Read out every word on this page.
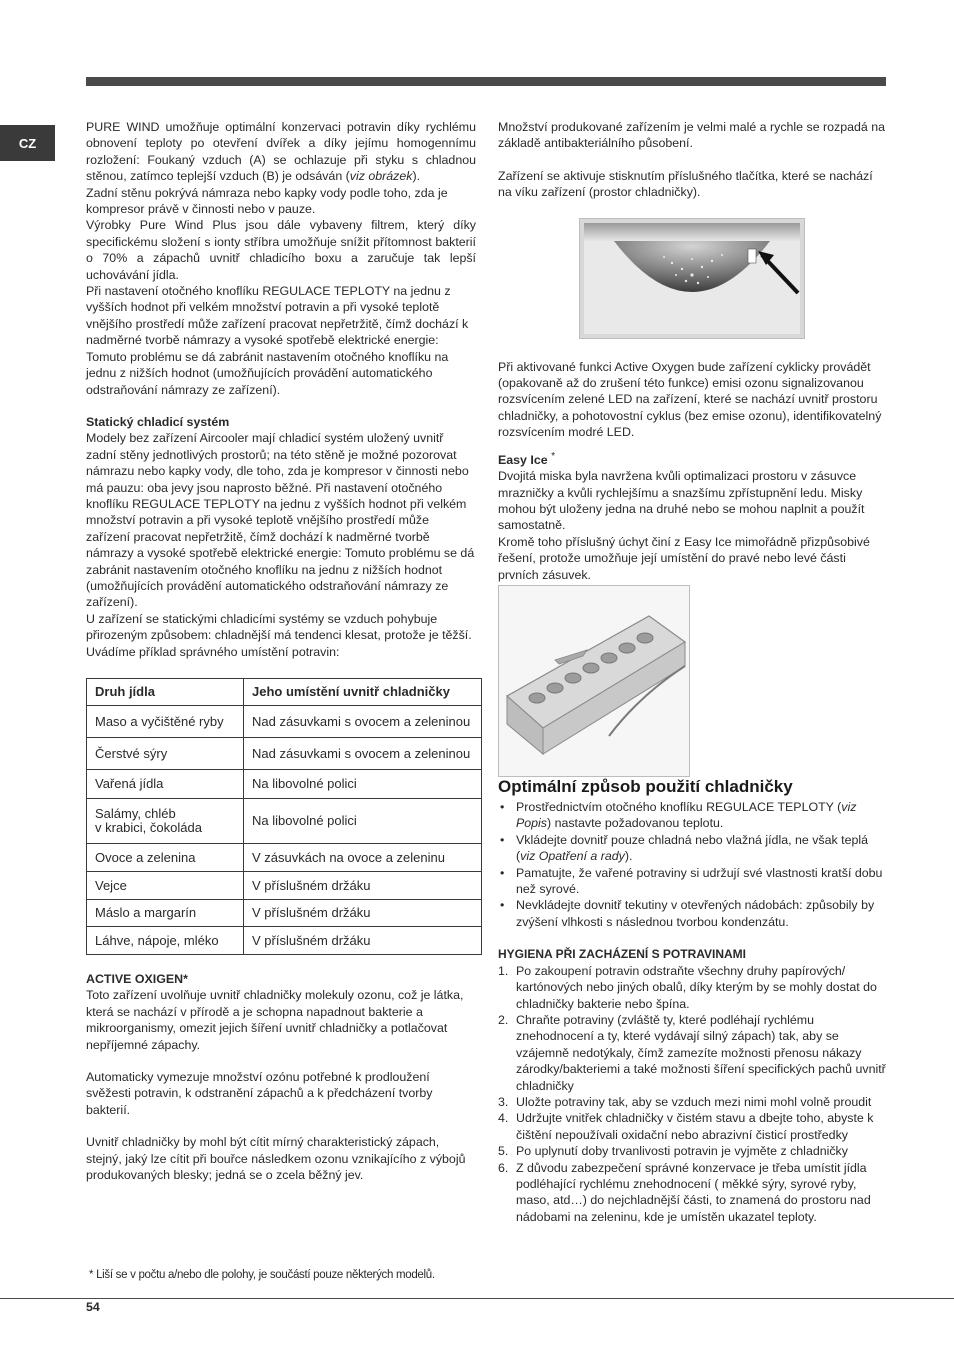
CZ

PURE WIND umožňuje optimální konzervaci potravin díky rychlému obnovení teploty po otevření dvířek a díky jejímu homogennímu rozložení: Foukaný vzduch (A) se ochlazuje při styku s chladnou stěnou, zatímco teplejší vzduch (B) je odsáván (viz obrázek).

Zadní stěnu pokrývá námraza nebo kapky vody podle toho, zda je kompresor právě v činnosti nebo v pauze.

Výrobky Pure Wind Plus jsou dále vybaveny filtrem, který díky specifickému složení s ionty stříbra umožňuje snížit přítomnost bakterií o 70% a zápachů uvnitř chladicího boxu a zaručuje tak lepší uchovávání jídla.

Při nastavení otočného knoflíku REGULACE TEPLOTY na jednu z vyšších hodnot při velkém množství potravin a při vysoké teplotě vnějšího prostředí může zařízení pracovat nepřetržitě, čímž dochází k nadměrné tvorbě námrazy a vysoké spotřebě elektrické energie: Tomuto problému se dá zabránit nastavením otočného knoflíku na jednu z nižších hodnot (umožňujících provádění automatického odstraňování námrazy ze zařízení).

Statický chladicí systém

Modely bez zařízení Aircooler mají chladicí systém uložený uvnitř zadní stěny jednotlivých prostorů; na této stěně je možné pozorovat námrazu nebo kapky vody, dle toho, zda je kompresor v činnosti nebo má pauzu: oba jevy jsou naprosto běžné. Při nastavení otočného knoflíku REGULACE TEPLOTY na jednu z vyšších hodnot při velkém množství potravin a při vysoké teplotě vnějšího prostředí může zařízení pracovat nepřetržitě, čímž dochází k nadměrné tvorbě námrazy a vysoké spotřebě elektrické energie: Tomuto problému se dá zabránit nastavením otočného knoflíku na jednu z nižších hodnot (umožňujících provádění automatického odstraňování námrazy ze zařízení).

U zařízení se statickými chladicími systémy se vzduch pohybuje přirozeným způsobem: chladnější má tendenci klesat, protože je těžší. Uvádíme příklad správného umístění potravin:

Druh jídla	Jeho umístění uvnitř chladničky
Maso a vyčištěné ryby	Nad zásuvkami s ovocem a zeleninou
Čerstvé sýry	Nad zásuvkami s ovocem a zeleninou
Vařená jídla	Na libovolné polici
Salámy, chléb
v krabici, čokoláda	Na libovolné polici
Ovoce a zelenina	V zásuvkách na ovoce a zeleninu
Vejce	V příslušném držáku
Máslo a margarín	V příslušném držáku
Láhve, nápoje, mléko	V příslušném držáku

ACTIVE OXIGEN*

Toto zařízení uvolňuje uvnitř chladničky molekuly ozonu, což je látka, která se nachází v přírodě a je schopna napadnout bakterie a mikroorganismy, omezit jejich šíření uvnitř chladničky a potlačovat nepříjemné zápachy.

Automaticky vymezuje množství ozónu potřebné k prodloužení svěžesti potravin, k odstranění zápachů a k předcházení tvorby bakterií.

Uvnitř chladničky by mohl být cítit mírný charakteristický zápach, stejný, jaký lze cítit při bouřce následkem ozonu vznikajícího z výbojů produkovaných blesky; jedná se o zcela běžný jev.

Množství produkované zařízením je velmi malé a rychle se rozpadá na základě antibakteriálního působení.

Zařízení se aktivuje stisknutím příslušného tlačítka, které se nachází na víku zařízení (prostor chladničky).

Při aktivované funkci Active Oxygen bude zařízení cyklicky provádět (opakovaně až do zrušení této funkce) emisi ozonu signalizovanou rozsvícením zelené LED na zařízení, které se nachází uvnitř prostoru chladničky, a pohotovostní cyklus (bez emise ozonu), identifikovatelný rozsvícením modré LED.

Easy Ice *

Dvojitá miska byla navržena kvůli optimalizaci prostoru v zásuvce mrazničky a kvůli rychlejšímu a snazšímu zpřístupnění ledu. Misky mohou být uloženy jedna na druhé nebo se mohou naplnit a použít samostatně.

Kromě toho příslušný úchyt činí z Easy Ice mimořádně přizpůsobivé řešení, protože umožňuje její umístění do pravé nebo levé části prvních zásuvek.

Optimální způsob použití chladničky

• Prostřednictvím otočného knoflíku REGULACE TEPLOTY (viz Popis) nastavte požadovanou teplotu.
• Vkládejte dovnitř pouze chladná nebo vlažná jídla, ne však teplá (viz Opatření a rady).
• Pamatujte, že vařené potraviny si udržují své vlastnosti kratší dobu než syrové.
• Nevkládejte dovnitř tekutiny v otevřených nádobách: způsobily by zvýšení vlhkosti s následnou tvorbou kondenzátu.

HYGIENA PŘI ZACHÁZENÍ S POTRAVINAMI

1. Po zakoupení potravin odstraňte všechny druhy papírových/ kartónových nebo jiných obalů, díky kterým by se mohly dostat do chladničky bakterie nebo špína.
2. Chraňte potraviny (zvláště ty, které podléhají rychlému znehodnocení a ty, které vydávají silný zápach) tak, aby se vzájemně nedotýkaly, čímž zamezíte možnosti přenosu nákazy zárodky/bakteriemi a také možnosti šíření specifických pachů uvnitř chladničky
3. Uložte potraviny tak, aby se vzduch mezi nimi mohl volně proudit
4. Udržujte vnitřek chladničky v čistém stavu a dbejte toho, abyste k čištění nepoužívali oxidační nebo abrazivní čisticí prostředky
5. Po uplynutí doby trvanlivosti potravin je vyjměte z chladničky
6. Z důvodu zabezpečení správné konzervace je třeba umístit jídla podléhající rychlému znehodnocení ( měkké sýry, syrové ryby, maso, atd…) do nejchladnější části, to znamená do prostoru nad nádobami na zeleninu, kde je umístěn ukazatel teploty.

* Liší se v počtu a/nebo dle polohy, je součástí pouze některých modelů.

54
